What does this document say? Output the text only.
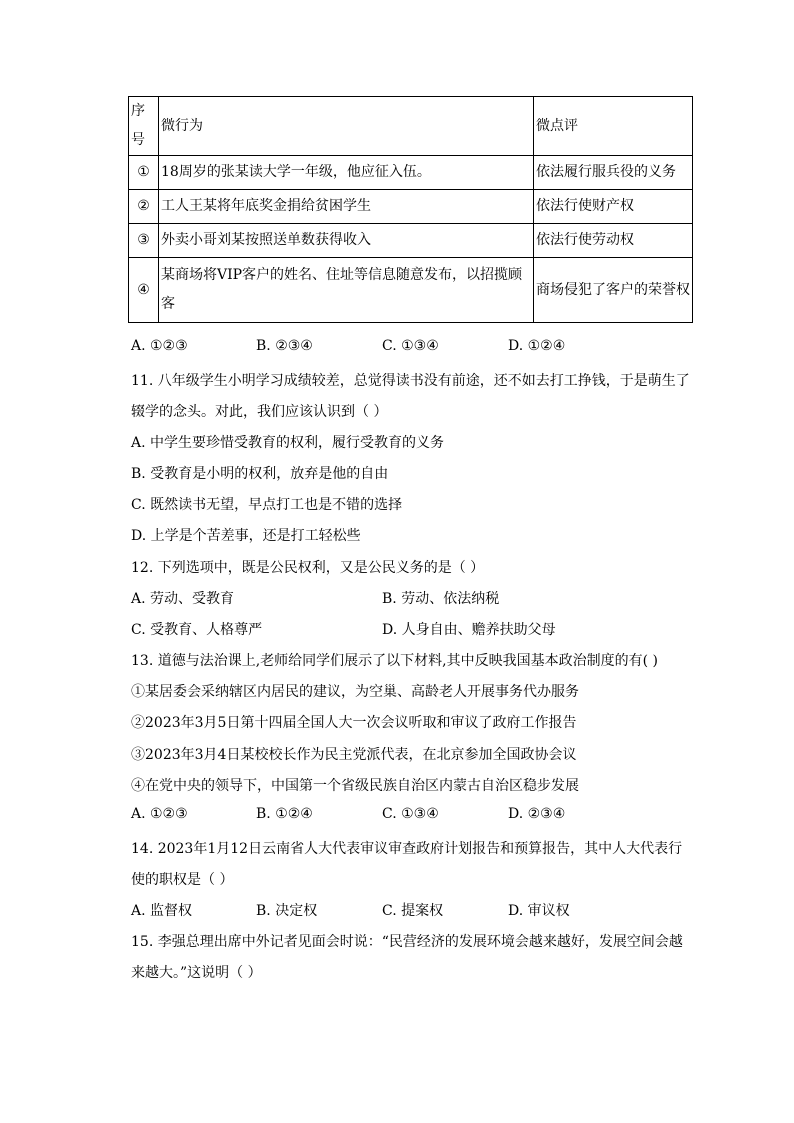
序号	微行为	微点评
①	18周岁的张某读大学一年级，他应征入伍。	依法履行服兵役的义务
②	工人王某将年底奖金捐给贫困学生	依法行使财产权
③	外卖小哥刘某按照送单数获得收入	依法行使劳动权
④	某商场将VIP客户的姓名、住址等信息随意发布，以招揽顾客	商场侵犯了客户的荣誉权
A. ①②③	B. ②③④	C. ①③④	D. ①②④
11. 八年级学生小明学习成绩较差，总觉得读书没有前途，还不如去打工挣钱，于是萌生了
辍学的念头。对此，我们应该认识到（ ）
A. 中学生要珍惜受教育的权利，履行受教育的义务
B. 受教育是小明的权利，放弃是他的自由
C. 既然读书无望，早点打工也是不错的选择
D. 上学是个苦差事，还是打工轻松些
12. 下列选项中，既是公民权利，又是公民义务的是（ ）
A. 劳动、受教育	B. 劳动、依法纳税
C. 受教育、人格尊严	D. 人身自由、赡养扶助父母
13. 道德与法治课上,老师给同学们展示了以下材料,其中反映我国基本政治制度的有( )
①某居委会采纳辖区内居民的建议，为空巢、高龄老人开展事务代办服务
②2023年3月5日第十四届全国人大一次会议听取和审议了政府工作报告
③2023年3月4日某校校长作为民主党派代表，在北京参加全国政协会议
④在党中央的领导下，中国第一个省级民族自治区内蒙古自治区稳步发展
A. ①②③	B. ①②④	C. ①③④	D. ②③④
14. 2023年1月12日云南省人大代表审议审查政府计划报告和预算报告，其中人大代表行
使的职权是（ ）
A. 监督权	B. 决定权	C. 提案权	D. 审议权
15. 李强总理出席中外记者见面会时说：“民营经济的发展环境会越来越好，发展空间会越
来越大。”这说明（ ）
